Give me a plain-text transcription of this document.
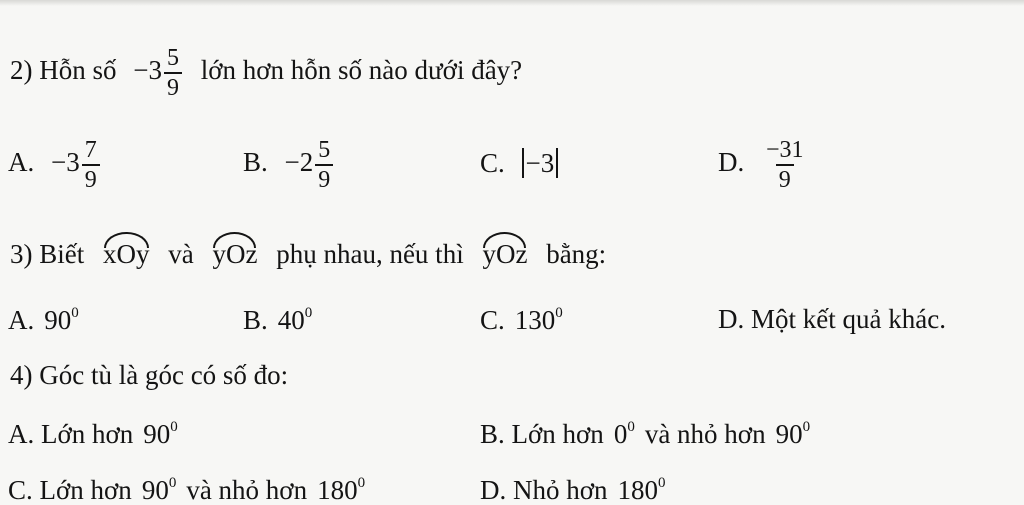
2) Hỗn số $-3 \frac{5}{9}$ lớn hơn hỗn số nào dưới đây?
A. $-3 \frac{7}{9}$	B. $-2 \frac{5}{9}$	C. −3	D. $\frac{-31}{9}$
3) Biết xOy và yOz phụ nhau, nếu thì yOz bằng:
A. $90^0$	B. $40^0$	C. $130^0$	D. Một kết quả khác.
4) Góc tù là góc có số đo:
A. Lớn hơn $90^0$	B. Lớn hơn $0^0$ và nhỏ hơn $90^0$
C. Lớn hơn $90^0$ và nhỏ hơn $180^0$	D. Nhỏ hơn $180^0$
